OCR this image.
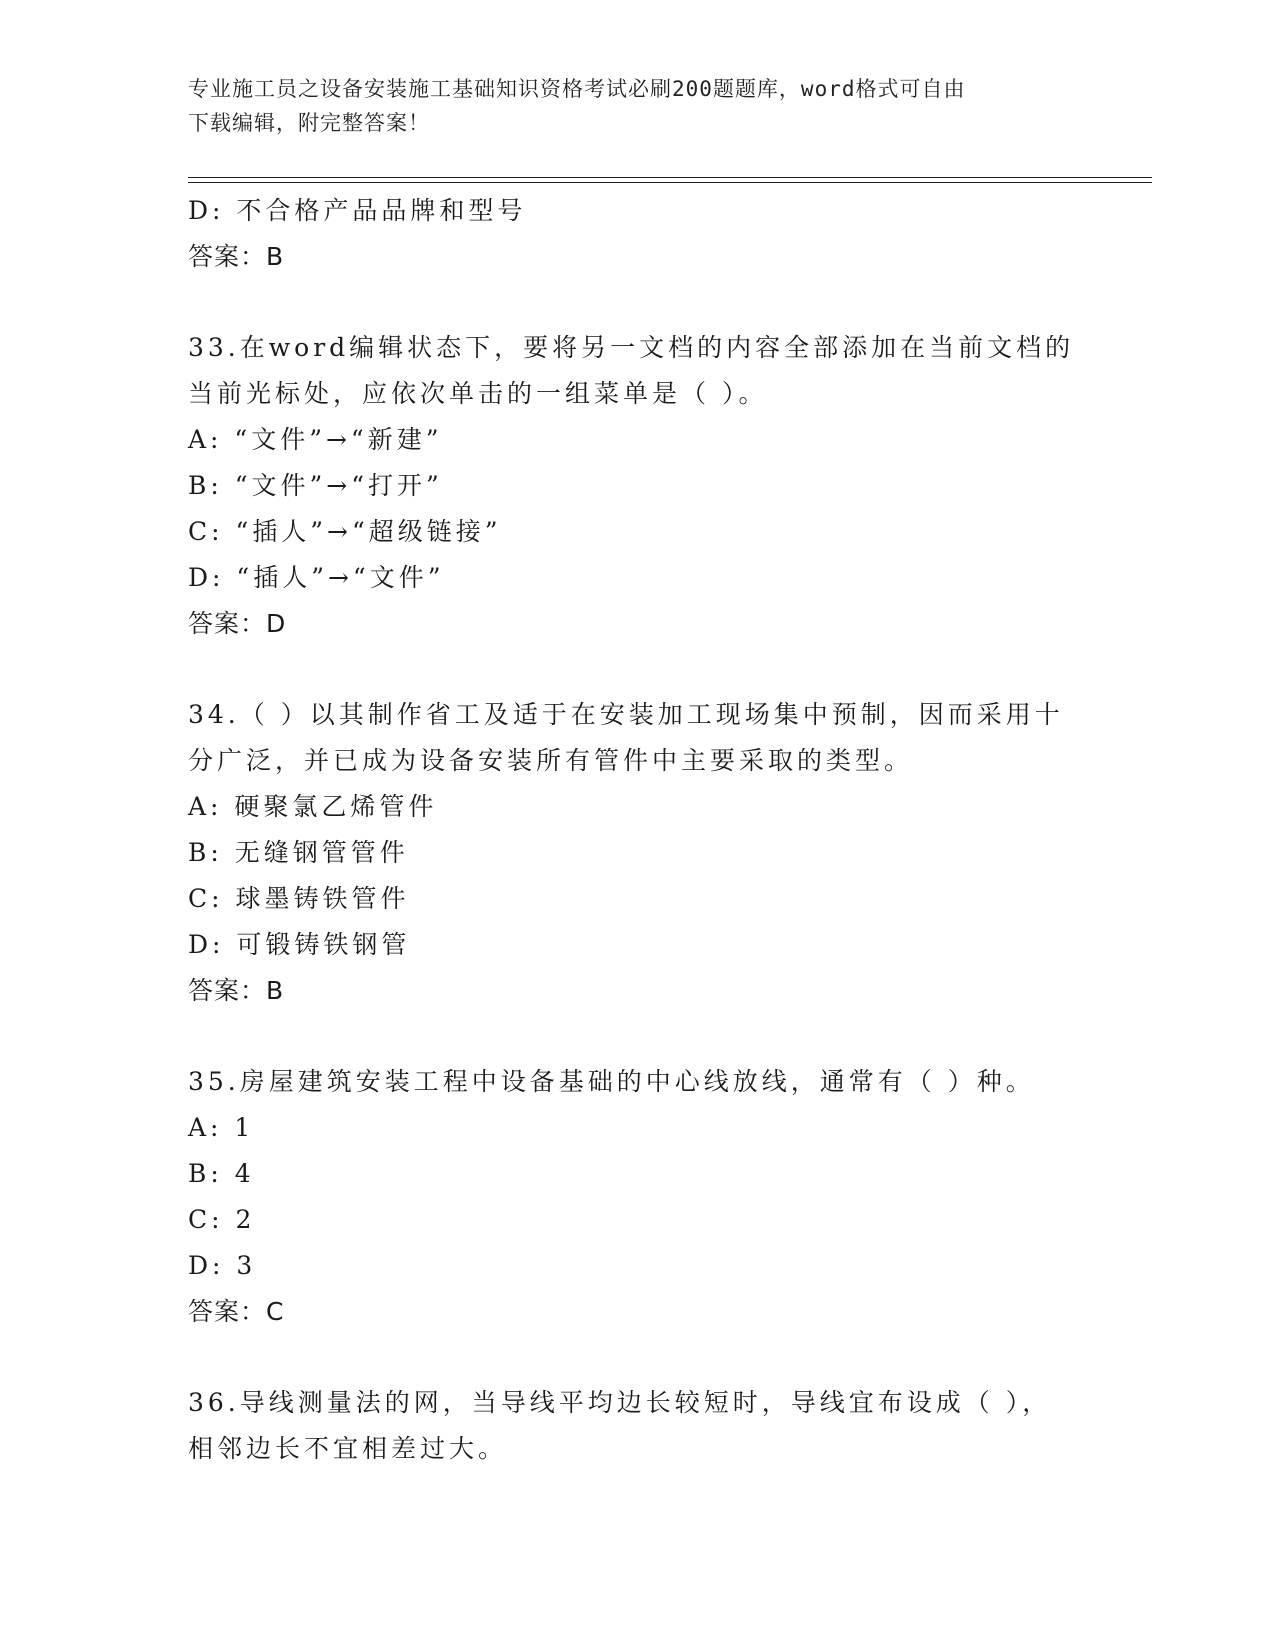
专业施工员之设备安装施工基础知识资格考试必刷200题题库，word格式可自由
下载编辑，附完整答案！
D: 不合格产品品牌和型号
答案：B
33.在word编辑状态下，要将另一文档的内容全部添加在当前文档的
当前光标处，应依次单击的一组菜单是（ ）。
A: “文件”→“新建”
B: “文件”→“打开”
C: “插人”→“超级链接”
D: “插人”→“文件”
答案：D
34.（ ）以其制作省工及适于在安装加工现场集中预制，因而采用十
分广泛，并已成为设备安装所有管件中主要采取的类型。
A: 硬聚氯乙烯管件
B: 无缝钢管管件
C: 球墨铸铁管件
D: 可锻铸铁钢管
答案：B
35.房屋建筑安装工程中设备基础的中心线放线，通常有（ ）种。
A: 1
B: 4
C: 2
D: 3
答案：C
36.导线测量法的网，当导线平均边长较短时，导线宜布设成（ ），
相邻边长不宜相差过大。
